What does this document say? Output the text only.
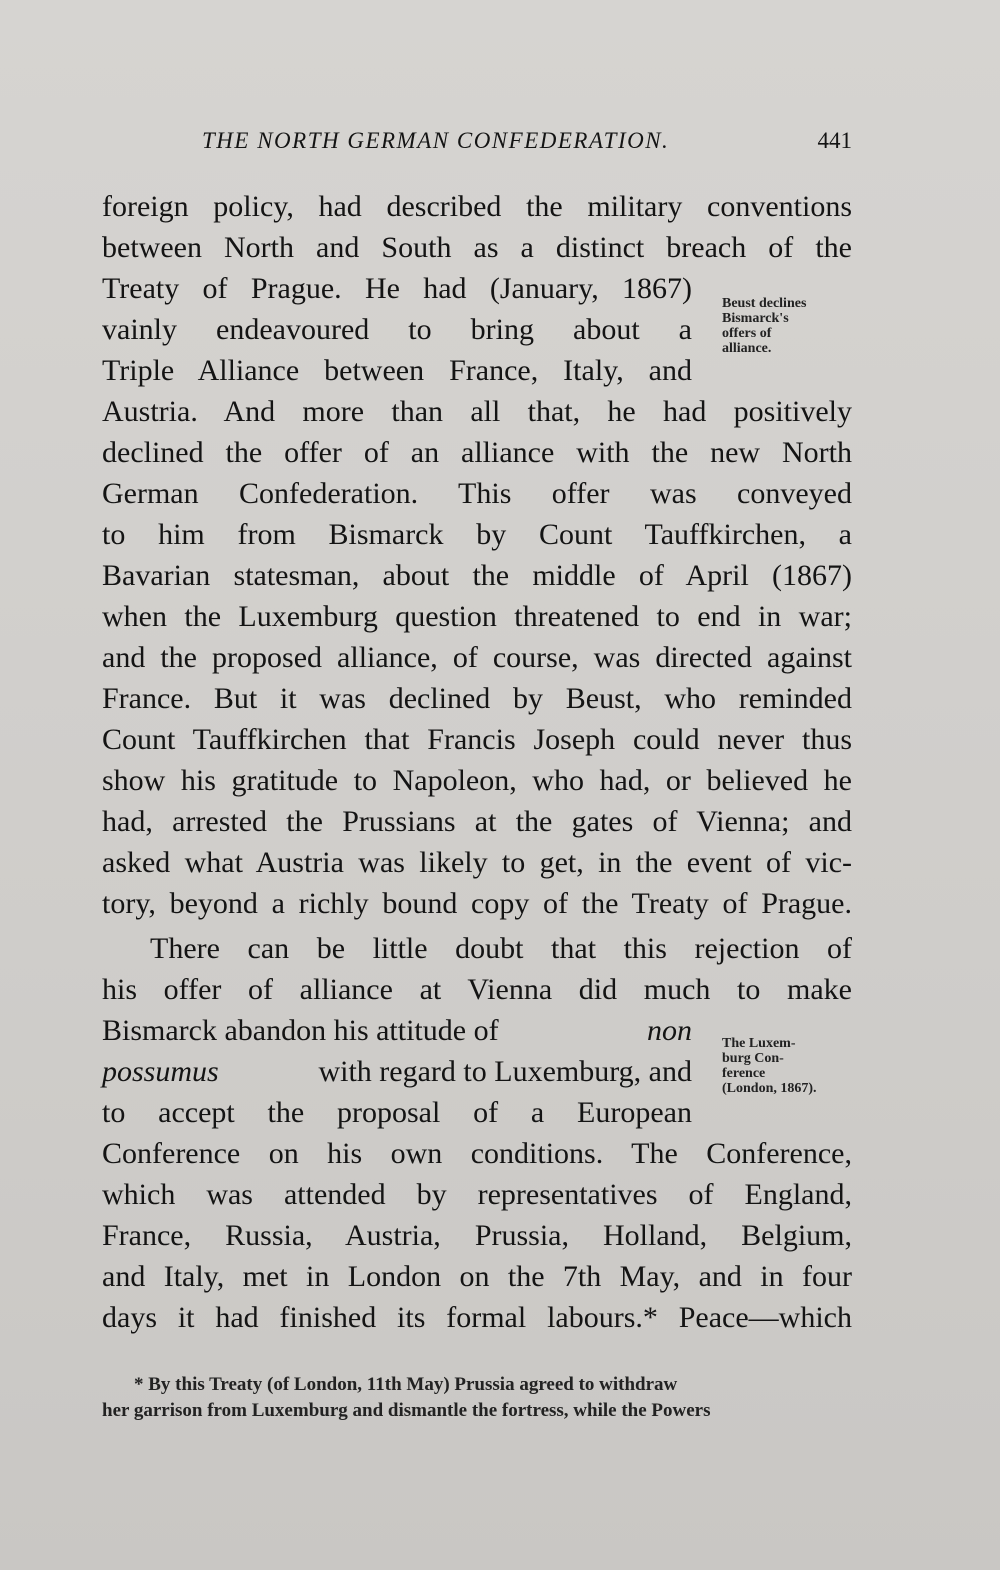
THE NORTH GERMAN CONFEDERATION.	441
foreign policy, had described the military conventions
between North and South as a distinct breach of the
Treaty of Prague. He had (January, 1867)
vainly endeavoured to bring about a
Triple Alliance between France, Italy, and
Austria. And more than all that, he had positively
declined the offer of an alliance with the new North
German Confederation. This offer was conveyed
to him from Bismarck by Count Tauffkirchen, a
Bavarian statesman, about the middle of April (1867)
when the Luxemburg question threatened to end in war;
and the proposed alliance, of course, was directed against
France. But it was declined by Beust, who reminded
Count Tauffkirchen that Francis Joseph could never thus
show his gratitude to Napoleon, who had, or believed he
had, arrested the Prussians at the gates of Vienna; and
asked what Austria was likely to get, in the event of vic-
tory, beyond a richly bound copy of the Treaty of Prague.
There can be little doubt that this rejection of
his offer of alliance at Vienna did much to make
Bismarck abandon his attitude of	non
possumus	with regard to Luxemburg, and
to accept the proposal of a European
Conference on his own conditions. The Conference,
which was attended by representatives of England,
France, Russia, Austria, Prussia, Holland, Belgium,
and Italy, met in London on the 7th May, and in four
days it had finished its formal labours.* Peace—which
Beust declines
Bismarck's
offers of
alliance.
The Luxem-
burg Con-
ference
(London, 1867).
* By this Treaty (of London, 11th May) Prussia agreed to withdraw
her garrison from Luxemburg and dismantle the fortress, while the Powers
